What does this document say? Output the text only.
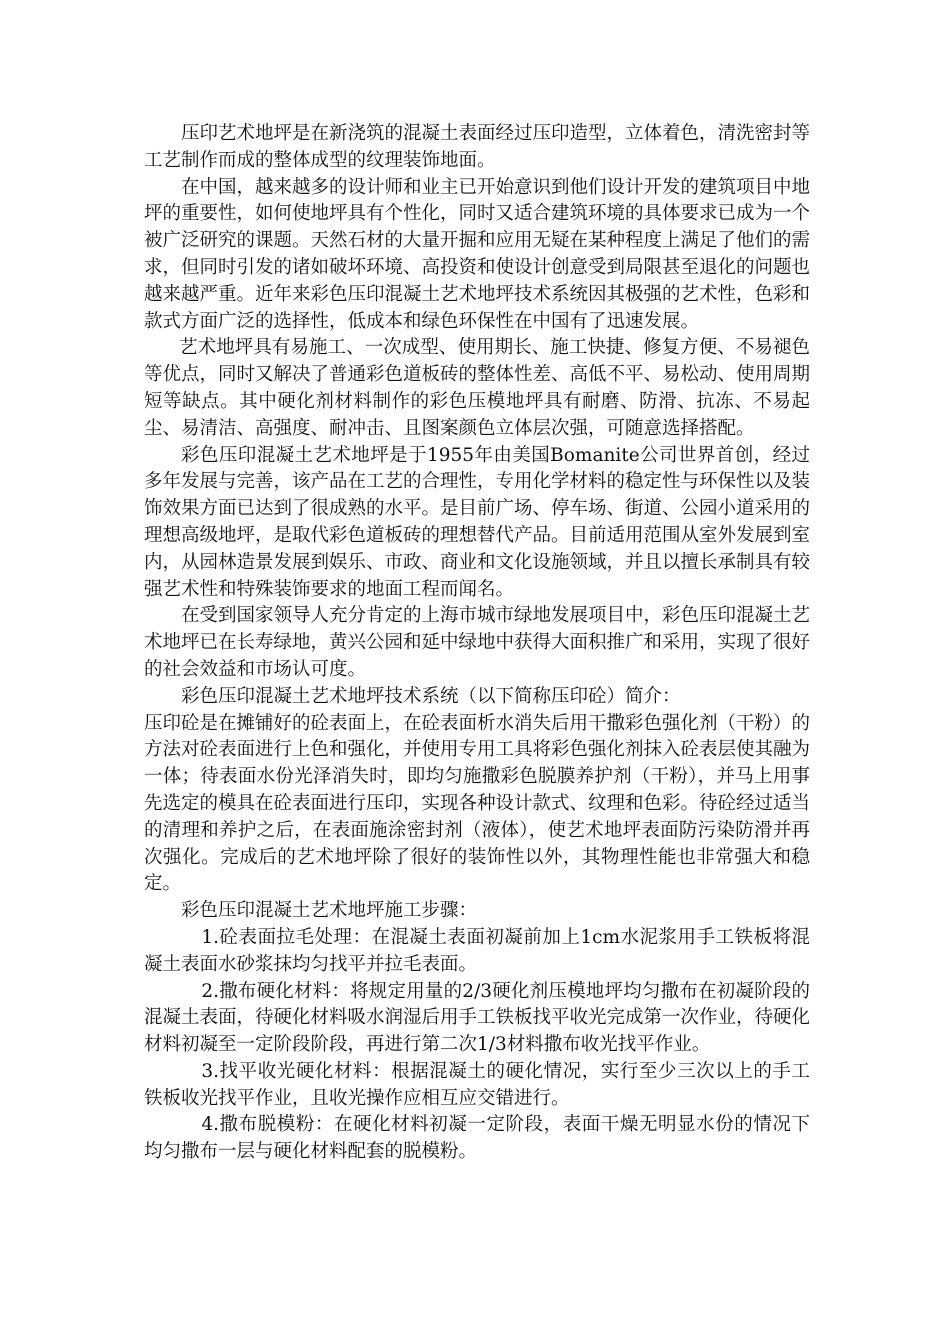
压印艺术地坪是在新浇筑的混凝土表面经过压印造型，立体着色，清洗密封等工艺制作而成的整体成型的纹理装饰地面。

在中国，越来越多的设计师和业主已开始意识到他们设计开发的建筑项目中地坪的重要性，如何使地坪具有个性化，同时又适合建筑环境的具体要求已成为一个被广泛研究的课题。天然石材的大量开掘和应用无疑在某种程度上满足了他们的需求，但同时引发的诸如破坏环境、高投资和使设计创意受到局限甚至退化的问题也越来越严重。近年来彩色压印混凝土艺术地坪技术系统因其极强的艺术性，色彩和款式方面广泛的选择性，低成本和绿色环保性在中国有了迅速发展。

艺术地坪具有易施工、一次成型、使用期长、施工快捷、修复方便、不易褪色等优点，同时又解决了普通彩色道板砖的整体性差、高低不平、易松动、使用周期短等缺点。其中硬化剂材料制作的彩色压模地坪具有耐磨、防滑、抗冻、不易起尘、易清洁、高强度、耐冲击、且图案颜色立体层次强，可随意选择搭配。

彩色压印混凝土艺术地坪是于1955年由美国Bomanite公司世界首创，经过多年发展与完善，该产品在工艺的合理性，专用化学材料的稳定性与环保性以及装饰效果方面已达到了很成熟的水平。是目前广场、停车场、街道、公园小道采用的理想高级地坪，是取代彩色道板砖的理想替代产品。目前适用范围从室外发展到室内，从园林造景发展到娱乐、市政、商业和文化设施领域，并且以擅长承制具有较强艺术性和特殊装饰要求的地面工程而闻名。

在受到国家领导人充分肯定的上海市城市绿地发展项目中，彩色压印混凝土艺术地坪已在长寿绿地，黄兴公园和延中绿地中获得大面积推广和采用，实现了很好的社会效益和市场认可度。

彩色压印混凝土艺术地坪技术系统（以下简称压印砼）简介：

压印砼是在摊铺好的砼表面上，在砼表面析水消失后用干撒彩色强化剂（干粉）的方法对砼表面进行上色和强化，并使用专用工具将彩色强化剂抹入砼表层使其融为一体；待表面水份光泽消失时，即均匀施撒彩色脱膜养护剂（干粉），并马上用事先选定的模具在砼表面进行压印，实现各种设计款式、纹理和色彩。待砼经过适当的清理和养护之后，在表面施涂密封剂（液体），使艺术地坪表面防污染防滑并再次强化。完成后的艺术地坪除了很好的装饰性以外，其物理性能也非常强大和稳定。

彩色压印混凝土艺术地坪施工步骤：

1.砼表面拉毛处理：在混凝土表面初凝前加上1cm水泥浆用手工铁板将混凝土表面水砂浆抹均匀找平并拉毛表面。

2.撒布硬化材料：将规定用量的2/3硬化剂压模地坪均匀撒布在初凝阶段的混凝土表面，待硬化材料吸水润湿后用手工铁板找平收光完成第一次作业，待硬化材料初凝至一定阶段阶段，再进行第二次1/3材料撒布收光找平作业。

3.找平收光硬化材料：根据混凝土的硬化情况，实行至少三次以上的手工铁板收光找平作业，且收光操作应相互应交错进行。

4.撒布脱模粉：在硬化材料初凝一定阶段，表面干燥无明显水份的情况下均匀撒布一层与硬化材料配套的脱模粉。
